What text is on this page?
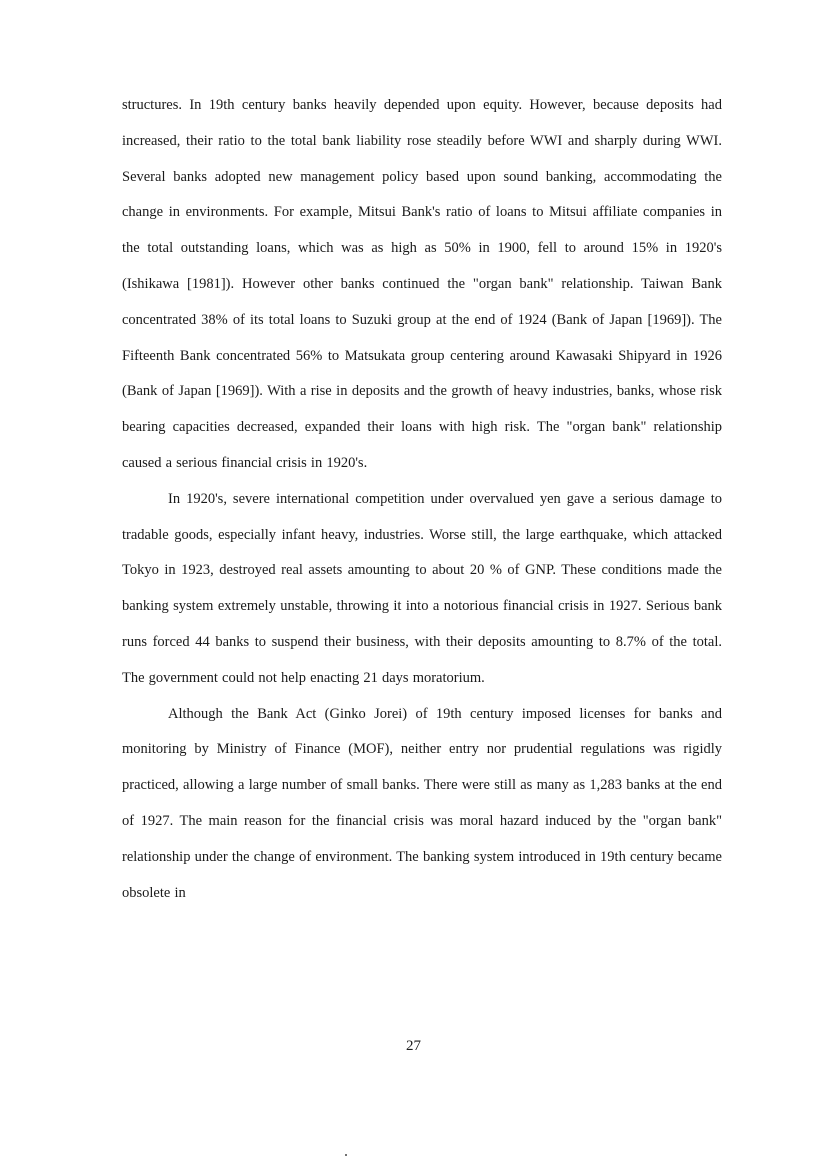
structures. In 19th century banks heavily depended upon equity. However, because deposits had increased, their ratio to the total bank liability rose steadily before WWI and sharply during WWI. Several banks adopted new management policy based upon sound banking, accommodating the change in environments. For example, Mitsui Bank's ratio of loans to Mitsui affiliate companies in the total outstanding loans, which was as high as 50% in 1900, fell to around 15% in 1920's (Ishikawa [1981]). However other banks continued the "organ bank" relationship. Taiwan Bank concentrated 38% of its total loans to Suzuki group at the end of 1924 (Bank of Japan [1969]). The Fifteenth Bank concentrated 56% to Matsukata group centering around Kawasaki Shipyard in 1926 (Bank of Japan [1969]). With a rise in deposits and the growth of heavy industries, banks, whose risk bearing capacities decreased, expanded their loans with high risk. The "organ bank" relationship caused a serious financial crisis in 1920's.

In 1920's, severe international competition under overvalued yen gave a serious damage to tradable goods, especially infant heavy, industries. Worse still, the large earthquake, which attacked Tokyo in 1923, destroyed real assets amounting to about 20 % of GNP. These conditions made the banking system extremely unstable, throwing it into a notorious financial crisis in 1927. Serious bank runs forced 44 banks to suspend their business, with their deposits amounting to 8.7% of the total. The government could not help enacting 21 days moratorium.

Although the Bank Act (Ginko Jorei) of 19th century imposed licenses for banks and monitoring by Ministry of Finance (MOF), neither entry nor prudential regulations was rigidly practiced, allowing a large number of small banks. There were still as many as 1,283 banks at the end of 1927. The main reason for the financial crisis was moral hazard induced by the "organ bank" relationship under the change of environment. The banking system introduced in 19th century became obsolete in

27
